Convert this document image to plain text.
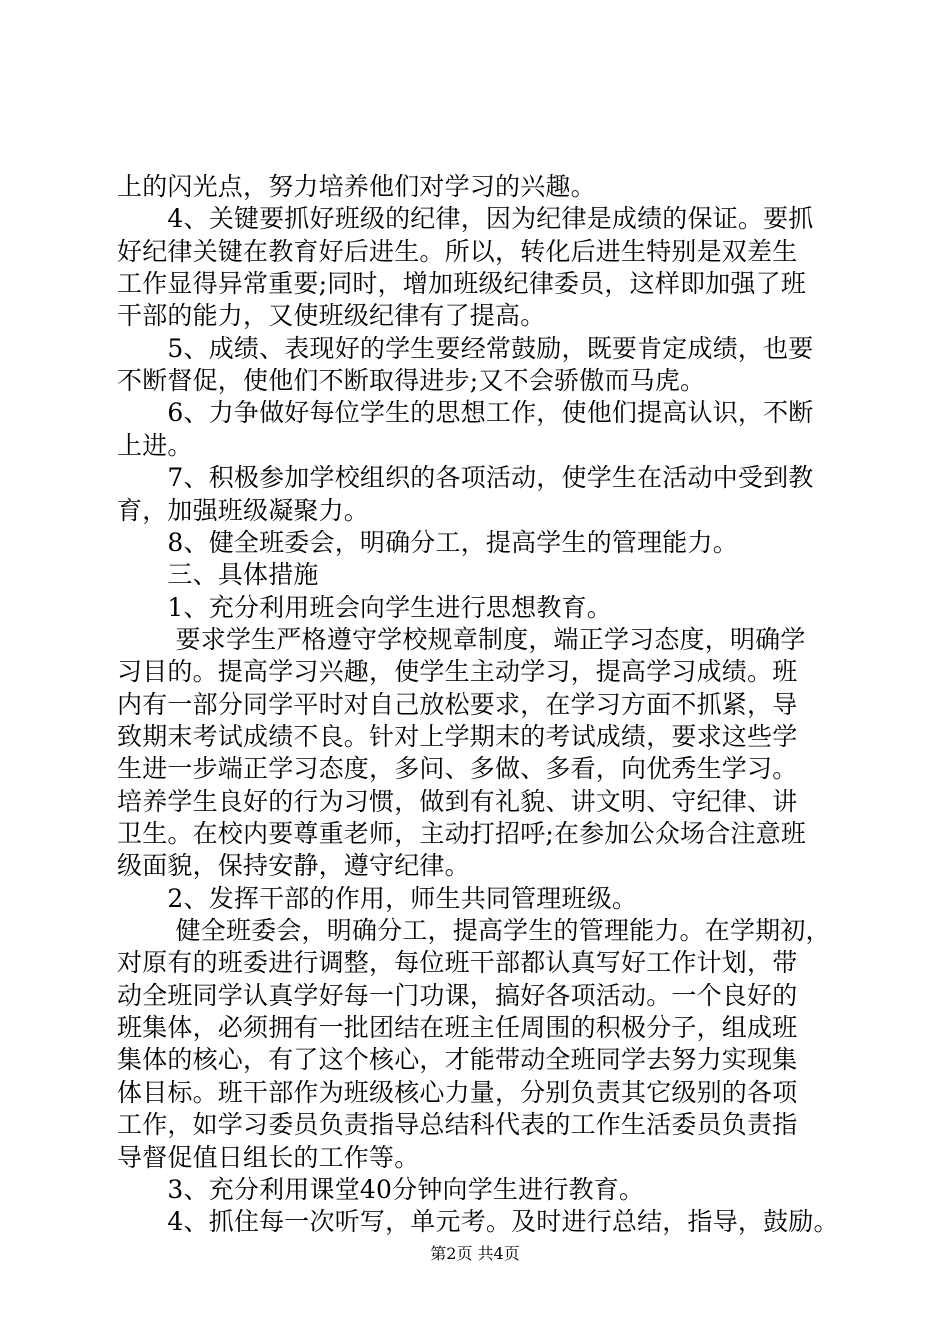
上的闪光点，努力培养他们对学习的兴趣。
　　4、关键要抓好班级的纪律，因为纪律是成绩的保证。要抓
好纪律关键在教育好后进生。所以，转化后进生特别是双差生
工作显得异常重要;同时，增加班级纪律委员，这样即加强了班
干部的能力，又使班级纪律有了提高。
　　5、成绩、表现好的学生要经常鼓励，既要肯定成绩，也要
不断督促，使他们不断取得进步;又不会骄傲而马虎。
　　6、力争做好每位学生的思想工作，使他们提高认识，不断
上进。
　　7、积极参加学校组织的各项活动，使学生在活动中受到教
育，加强班级凝聚力。
　　8、健全班委会，明确分工，提高学生的管理能力。
　　三、具体措施
　　1、充分利用班会向学生进行思想教育。
　　 要求学生严格遵守学校规章制度，端正学习态度，明确学
习目的。提高学习兴趣，使学生主动学习，提高学习成绩。班
内有一部分同学平时对自己放松要求，在学习方面不抓紧，导
致期末考试成绩不良。针对上学期末的考试成绩，要求这些学
生进一步端正学习态度，多问、多做、多看，向优秀生学习。
培养学生良好的行为习惯，做到有礼貌、讲文明、守纪律、讲
卫生。在校内要尊重老师，主动打招呼;在参加公众场合注意班
级面貌，保持安静，遵守纪律。
　　2、发挥干部的作用，师生共同管理班级。
　　 健全班委会，明确分工，提高学生的管理能力。在学期初，
对原有的班委进行调整，每位班干部都认真写好工作计划，带
动全班同学认真学好每一门功课，搞好各项活动。一个良好的
班集体，必须拥有一批团结在班主任周围的积极分子，组成班
集体的核心，有了这个核心，才能带动全班同学去努力实现集
体目标。班干部作为班级核心力量，分别负责其它级别的各项
工作，如学习委员负责指导总结科代表的工作生活委员负责指
导督促值日组长的工作等。
　　3、充分利用课堂40分钟向学生进行教育。
　　4、抓住每一次听写，单元考。及时进行总结，指导，鼓励。
第2页 共4页
